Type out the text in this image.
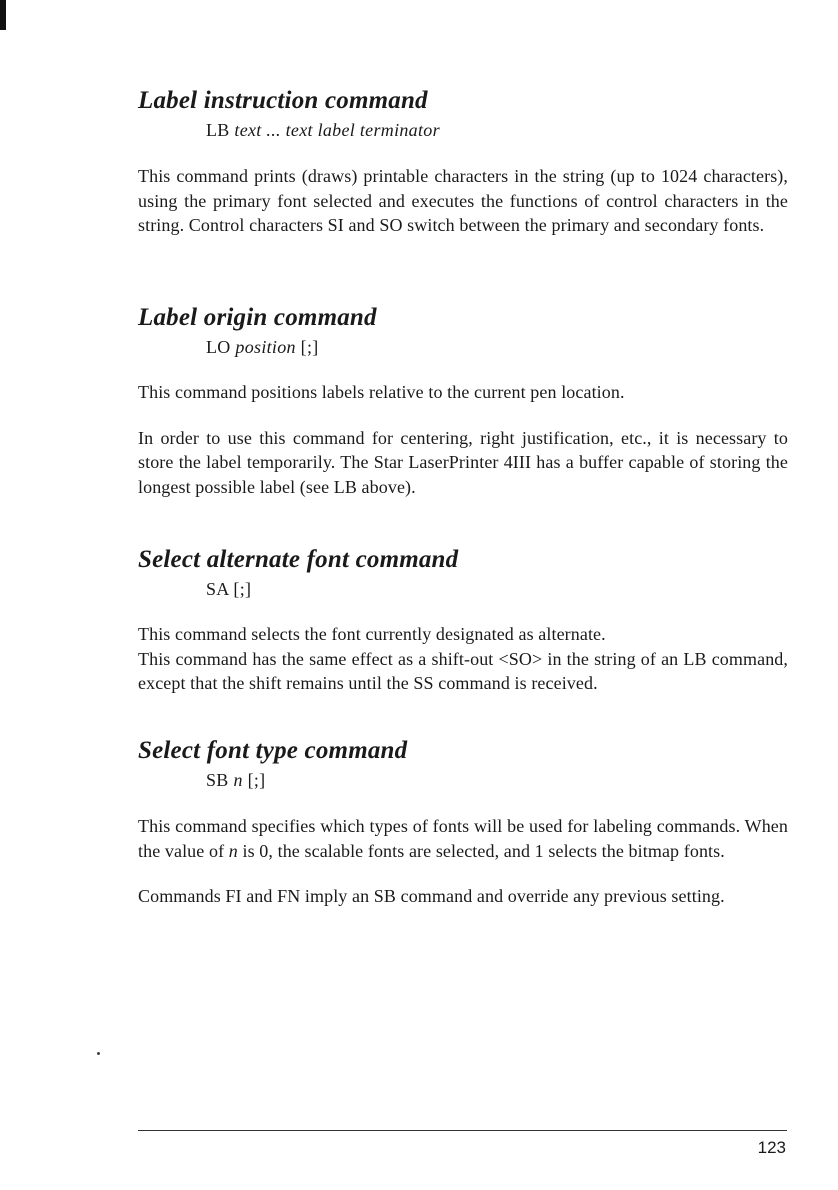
Label instruction command
LB text ... text label terminator

This command prints (draws) printable characters in the string (up to 1024 characters), using the primary font selected and executes the functions of control characters in the string. Control characters SI and SO switch between the primary and secondary fonts.

Label origin command
LO position [;]

This command positions labels relative to the current pen location.

In order to use this command for centering, right justification, etc., it is necessary to store the label temporarily. The Star LaserPrinter 4III has a buffer capable of storing the longest possible label (see LB above).

Select alternate font command
SA [;]

This command selects the font currently designated as alternate.

This command has the same effect as a shift-out <SO> in the string of an LB command, except that the shift remains until the SS command is received.

Select font type command
SB n [;]

This command specifies which types of fonts will be used for labeling commands. When the value of n is 0, the scalable fonts are selected, and 1 selects the bitmap fonts.

Commands FI and FN imply an SB command and override any previous setting.

123
